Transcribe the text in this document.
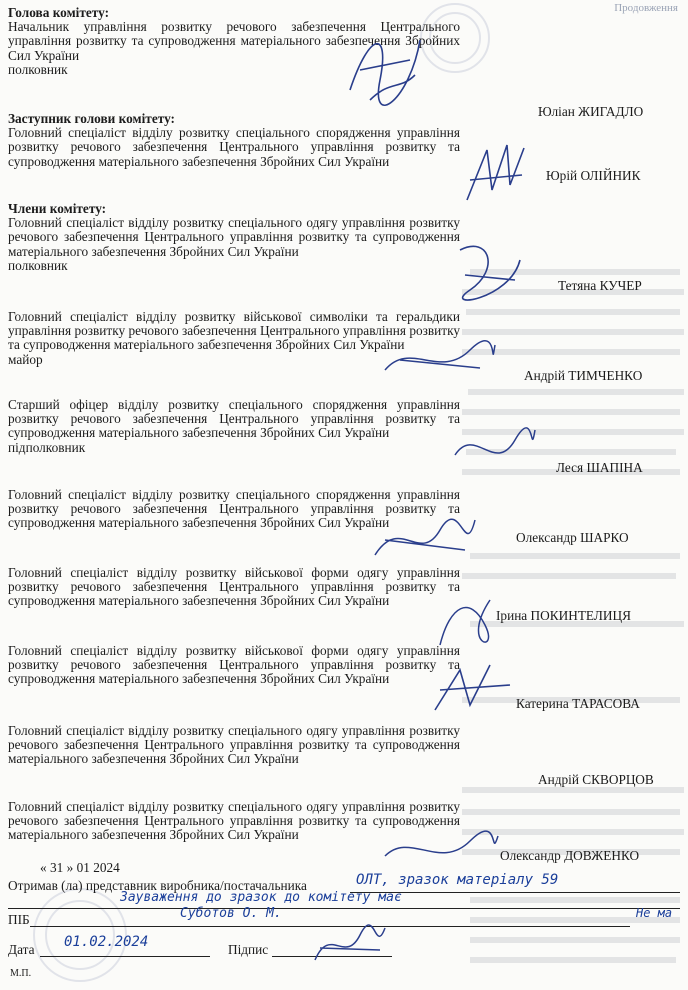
Продовження
Голова комітету:
Начальник управління розвитку речового забезпечення Центрального управління розвитку та супроводження матеріального забезпечення Збройних Сил України
полковник
Юліан ЖИГАДЛО
Заступник голови комітету:
Головний спеціаліст відділу розвитку спеціального спорядження управління розвитку речового забезпечення Центрального управління розвитку та супроводження матеріального забезпечення Збройних Сил України
Юрій ОЛІЙНИК
Члени комітету:
Головний спеціаліст відділу розвитку спеціального одягу управління розвитку речового забезпечення Центрального управління розвитку та супроводження матеріального забезпечення Збройних Сил України
полковник
Тетяна КУЧЕР
Головний спеціаліст відділу розвитку військової символіки та геральдики управління розвитку речового забезпечення Центрального управління розвитку та супроводження матеріального забезпечення Збройних Сил України
майор
Андрій ТИМЧЕНКО
Старший офіцер відділу розвитку спеціального спорядження управління розвитку речового забезпечення Центрального управління розвитку та супроводження матеріального забезпечення Збройних Сил України
підполковник
Леся ШАПІНА
Головний спеціаліст відділу розвитку спеціального спорядження управління розвитку речового забезпечення Центрального управління розвитку та супроводження матеріального забезпечення Збройних Сил України
Олександр ШАРКО
Головний спеціаліст відділу розвитку військової форми одягу управління розвитку речового забезпечення Центрального управління розвитку та супроводження матеріального забезпечення Збройних Сил України
Ірина ПОКИНТЕЛИЦЯ
Головний спеціаліст відділу розвитку військової форми одягу управління розвитку речового забезпечення Центрального управління розвитку та супроводження матеріального забезпечення Збройних Сил України
Катерина ТАРАСОВА
Головний спеціаліст відділу розвитку спеціального одягу управління розвитку речового забезпечення Центрального управління розвитку та супроводження матеріального забезпечення Збройних Сил України
Андрій СКВОРЦОВ
Головний спеціаліст відділу розвитку спеціального одягу управління розвитку речового забезпечення Центрального управління розвитку та супроводження матеріального забезпечення Збройних Сил України
Олександр ДОВЖЕНКО
« 31 » 01 2024
Отримав (ла) представник виробника/постачальника	ОЛТ, зразок матеріалу 59
Зауваження до зразок до комітету має
Не ма
ПІБ	Суботов О. М.
Дата 01.02.2024	Підпис
М.П.
